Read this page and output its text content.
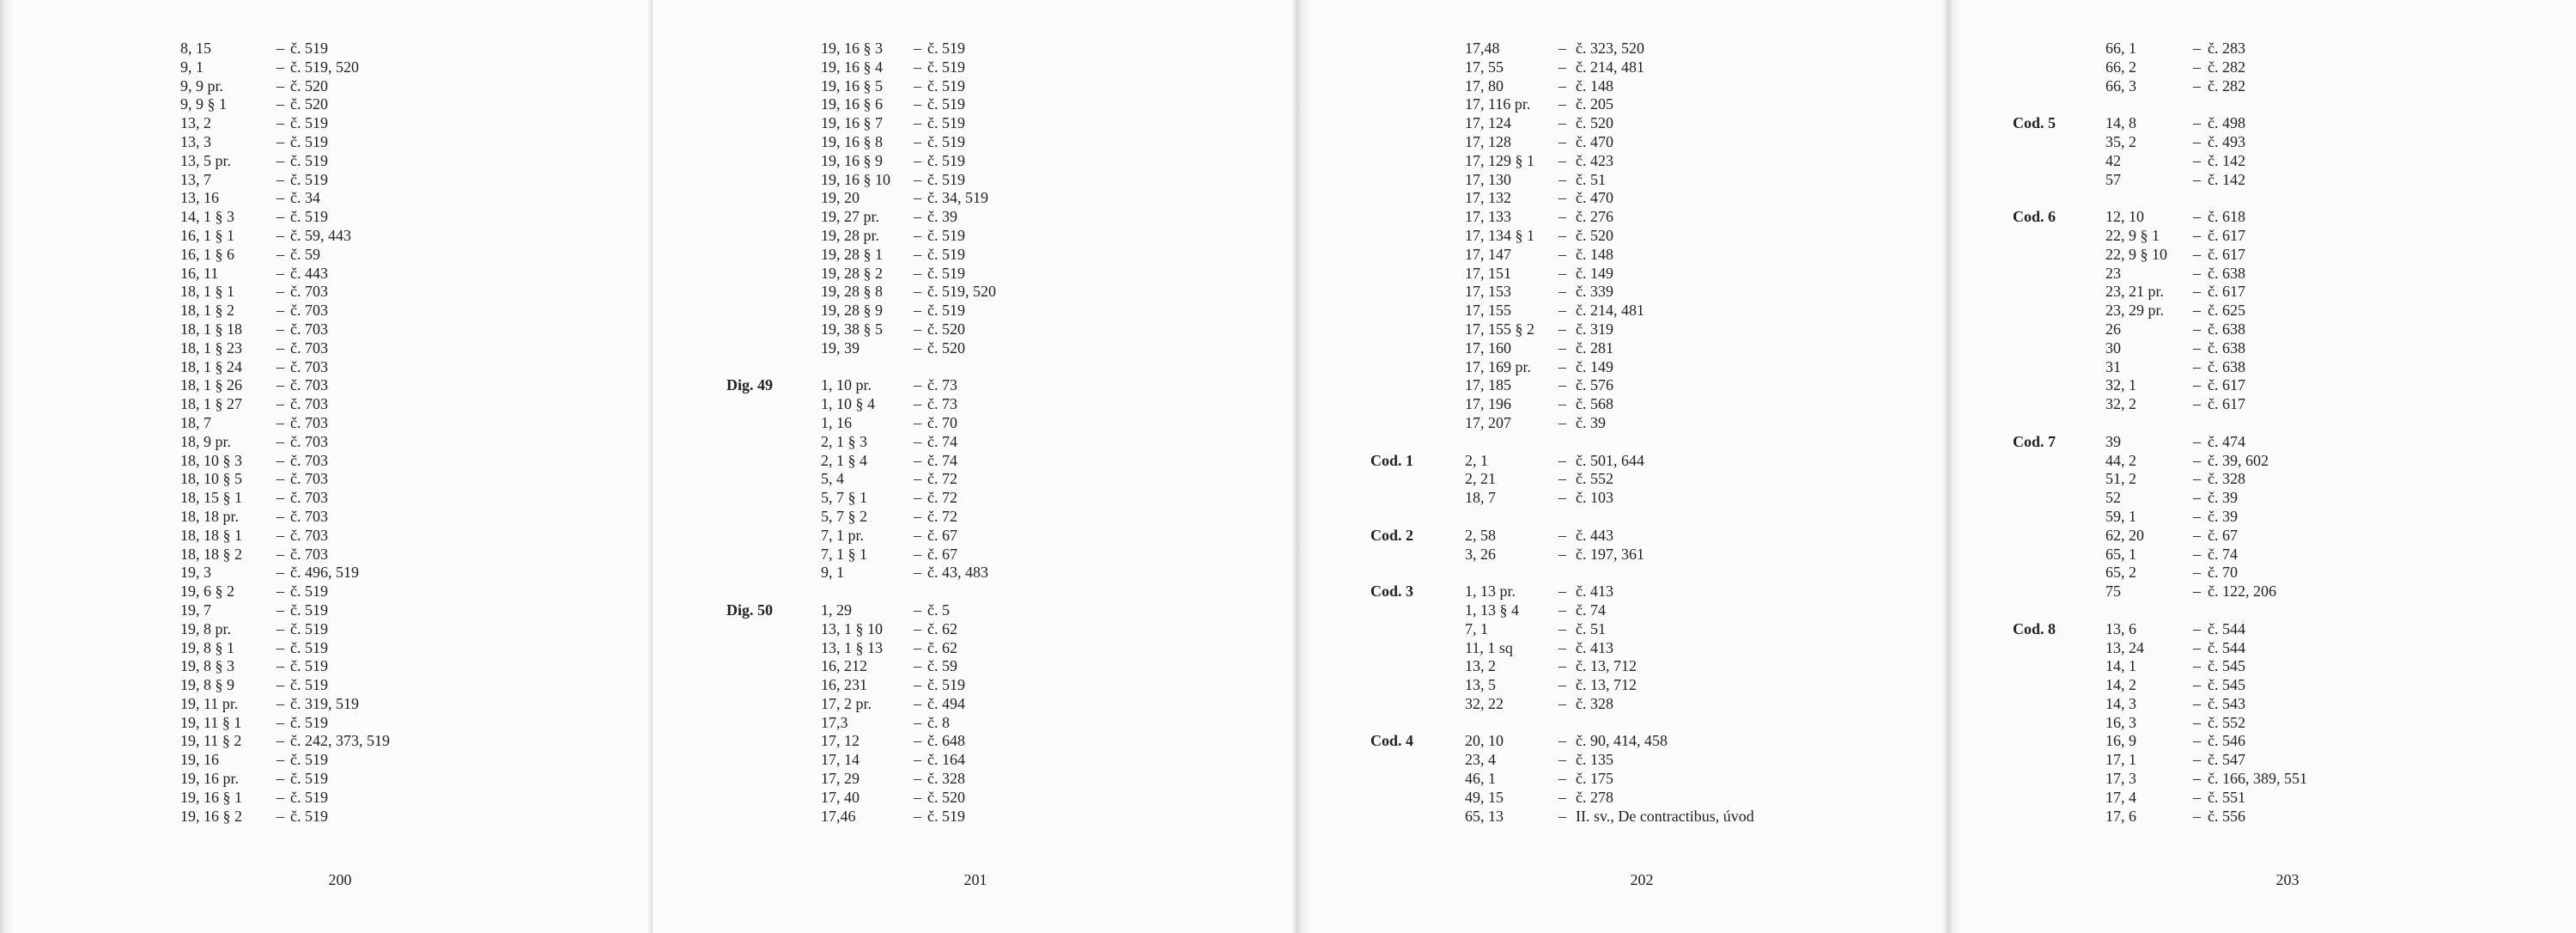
8, 15	– č. 519
9, 1	– č. 519, 520
9, 9 pr.	– č. 520
9, 9 § 1	– č. 520
13, 2	– č. 519
13, 3	– č. 519
13, 5 pr.	– č. 519
13, 7	– č. 519
13, 16	– č. 34
14, 1 § 3	– č. 519
16, 1 § 1	– č. 59, 443
16, 1 § 6	– č. 59
16, 11	– č. 443
18, 1 § 1	– č. 703
18, 1 § 2	– č. 703
18, 1 § 18 – č. 703
18, 1 § 23 – č. 703
18, 1 § 24 – č. 703
18, 1 § 26 – č. 703
18, 1 § 27 – č. 703
18, 7	– č. 703
18, 9 pr.	– č. 703
18, 10 § 3 – č. 703
18, 10 § 5 – č. 703
18, 15 § 1 – č. 703
18, 18 pr. – č. 703
18, 18 § 1 – č. 703
18, 18 § 2 – č. 703
19, 3	– č. 496, 519
19, 6 § 2	– č. 519
19, 7	– č. 519
19, 8 pr.	– č. 519
19, 8 § 1	– č. 519
19, 8 § 3	– č. 519
19, 8 § 9	– č. 519
19, 11 pr. – č. 319, 519
19, 11 § 1 – č. 519
19, 11 § 2 – č. 242, 373, 519
19, 16	– č. 519
19, 16 pr. – č. 519
19, 16 § 1 – č. 519
19, 16 § 2 – č. 519
200
19, 16 § 3 – č. 519
19, 16 § 4 – č. 519
19, 16 § 5 – č. 519
19, 16 § 6 – č. 519
19, 16 § 7 – č. 519
19, 16 § 8 – č. 519
19, 16 § 9 – č. 519
19, 16 § 10 – č. 519
19, 20	– č. 34, 519
19, 27 pr. – č. 39
19, 28 pr. – č. 519
19, 28 § 1 – č. 519
19, 28 § 2 – č. 519
19, 28 § 8 – č. 519, 520
19, 28 § 9 – č. 519
19, 38 § 5 – č. 520
19, 39	– č. 520
Dig. 49	1, 10 pr.	– č. 73
1, 10 § 4	– č. 73
1, 16	– č. 70
2, 1 § 3	– č. 74
2, 1 § 4	– č. 74
5, 4	– č. 72
5, 7 § 1	– č. 72
5, 7 § 2	– č. 72
7, 1 pr.	– č. 67
7, 1 § 1	– č. 67
9, 1	– č. 43, 483
Dig. 50	1, 29	– č. 5
13, 1 § 10 – č. 62
13, 1 § 13 – č. 62
16, 212	– č. 59
16, 231	– č. 519
17, 2 pr.	– č. 494
17,3	– č. 8
17, 12	– č. 648
17, 14	– č. 164
17, 29	– č. 328
17, 40	– č. 520
17,46	– č. 519
201
17,48	– č. 323, 520
17, 55	– č. 214, 481
17, 80	– č. 148
17, 116 pr. – č. 205
17, 124	– č. 520
17, 128	– č. 470
17, 129 § 1 – č. 423
17, 130	– č. 51
17, 132	– č. 470
17, 133	– č. 276
17, 134 § 1 – č. 520
17, 147	– č. 148
17, 151	– č. 149
17, 153	– č. 339
17, 155	– č. 214, 481
17, 155 § 2 – č. 319
17, 160	– č. 281
17, 169 pr. – č. 149
17, 185	– č. 576
17, 196	– č. 568
17, 207	– č. 39
Cod. 1	2, 1	– č. 501, 644
2, 21	– č. 552
18, 7	– č. 103
Cod. 2	2, 58	– č. 443
3, 26	– č. 197, 361
Cod. 3	1, 13 pr.	– č. 413
1, 13 § 4	– č. 74
7, 1	– č. 51
11, 1 sq	– č. 413
13, 2	– č. 13, 712
13, 5	– č. 13, 712
32, 22	– č. 328
Cod. 4	20, 10	– č. 90, 414, 458
23, 4	– č. 135
46, 1	– č. 175
49, 15	– č. 278
65, 13	– II. sv., De contractibus, úvod
202
66, 1	– č. 283
66, 2	– č. 282
66, 3	– č. 282
Cod. 5	14, 8	– č. 498
35, 2	– č. 493
42	– č. 142
57	– č. 142
Cod. 6	12, 10	– č. 618
22, 9 § 1 – č. 617
22, 9 § 10 – č. 617
23	– č. 638
23, 21 pr. – č. 617
23, 29 pr. – č. 625
26	– č. 638
30	– č. 638
31	– č. 638
32, 1	– č. 617
32, 2	– č. 617
Cod. 7	39	– č. 474
44, 2	– č. 39, 602
51, 2	– č. 328
52	– č. 39
59, 1	– č. 39
62, 20	– č. 67
65, 1	– č. 74
65, 2	– č. 70
75	– č. 122, 206
Cod. 8	13, 6	– č. 544
13, 24	– č. 544
14, 1	– č. 545
14, 2	– č. 545
14, 3	– č. 543
16, 3	– č. 552
16, 9	– č. 546
17, 1	– č. 547
17, 3	– č. 166, 389, 551
17, 4	– č. 551
17, 6	– č. 556
203
